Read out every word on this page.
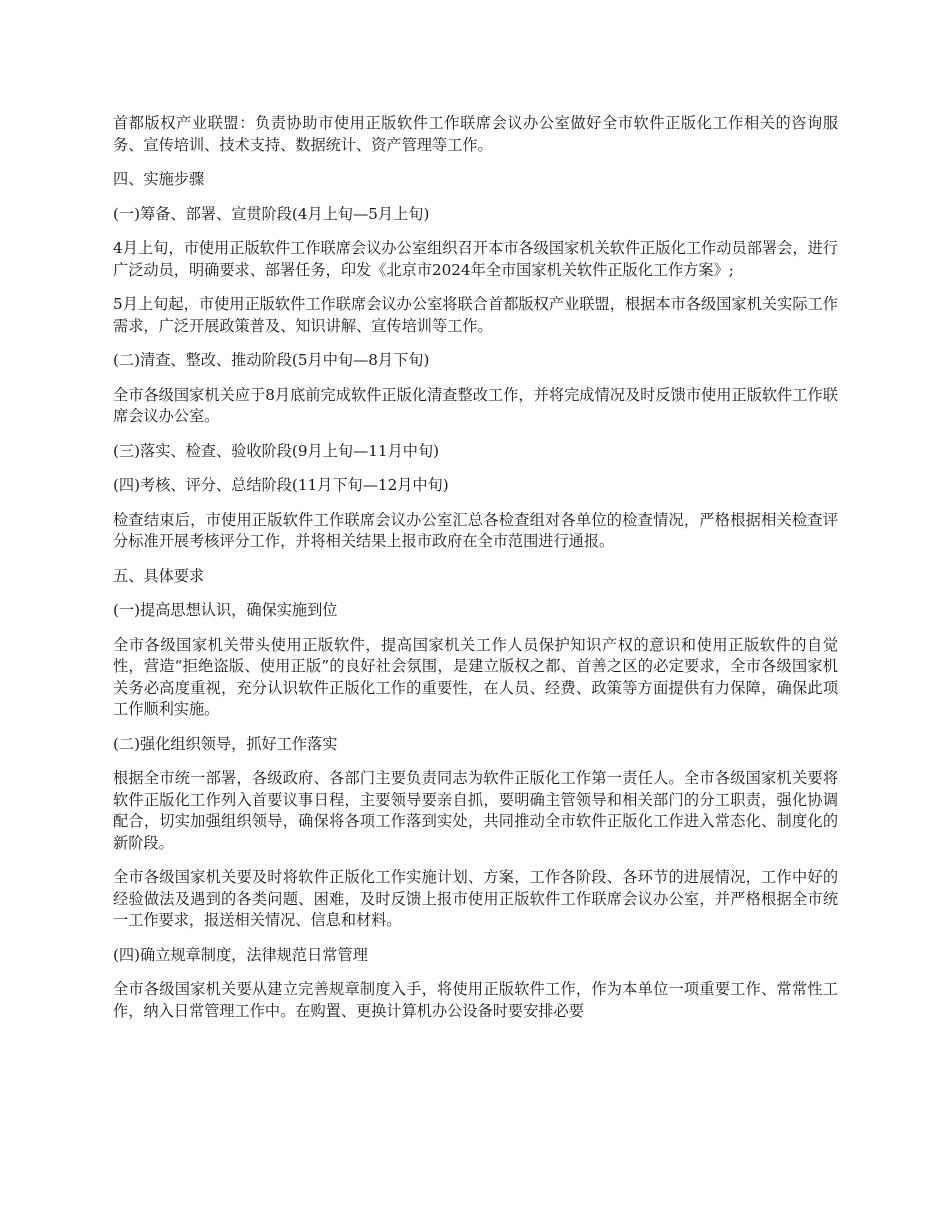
首都版权产业联盟：负责协助市使用正版软件工作联席会议办公室做好全市软件正版化工作相关的咨询服务、宣传培训、技术支持、数据统计、资产管理等工作。

四、实施步骤

(一)筹备、部署、宣贯阶段(4月上旬—5月上旬)

4月上旬，市使用正版软件工作联席会议办公室组织召开本市各级国家机关软件正版化工作动员部署会，进行广泛动员，明确要求、部署任务，印发《北京市2024年全市国家机关软件正版化工作方案》;

5月上旬起，市使用正版软件工作联席会议办公室将联合首都版权产业联盟，根据本市各级国家机关实际工作需求，广泛开展政策普及、知识讲解、宣传培训等工作。

(二)清查、整改、推动阶段(5月中旬—8月下旬)

全市各级国家机关应于8月底前完成软件正版化清查整改工作，并将完成情况及时反馈市使用正版软件工作联席会议办公室。

(三)落实、检查、验收阶段(9月上旬—11月中旬)

(四)考核、评分、总结阶段(11月下旬—12月中旬)

检查结束后，市使用正版软件工作联席会议办公室汇总各检查组对各单位的检查情况，严格根据相关检查评分标准开展考核评分工作，并将相关结果上报市政府在全市范围进行通报。

五、具体要求

(一)提高思想认识，确保实施到位

全市各级国家机关带头使用正版软件，提高国家机关工作人员保护知识产权的意识和使用正版软件的自觉性，营造“拒绝盗版、使用正版”的良好社会氛围，是建立版权之都、首善之区的必定要求，全市各级国家机关务必高度重视，充分认识软件正版化工作的重要性，在人员、经费、政策等方面提供有力保障，确保此项工作顺利实施。

(二)强化组织领导，抓好工作落实

根据全市统一部署，各级政府、各部门主要负责同志为软件正版化工作第一责任人。全市各级国家机关要将软件正版化工作列入首要议事日程，主要领导要亲自抓，要明确主管领导和相关部门的分工职责，强化协调配合，切实加强组织领导，确保将各项工作落到实处，共同推动全市软件正版化工作进入常态化、制度化的新阶段。

全市各级国家机关要及时将软件正版化工作实施计划、方案，工作各阶段、各环节的进展情况，工作中好的经验做法及遇到的各类问题、困难，及时反馈上报市使用正版软件工作联席会议办公室，并严格根据全市统一工作要求，报送相关情况、信息和材料。

(四)确立规章制度，法律规范日常管理

全市各级国家机关要从建立完善规章制度入手，将使用正版软件工作，作为本单位一项重要工作、常常性工作，纳入日常管理工作中。在购置、更换计算机办公设备时要安排必要
